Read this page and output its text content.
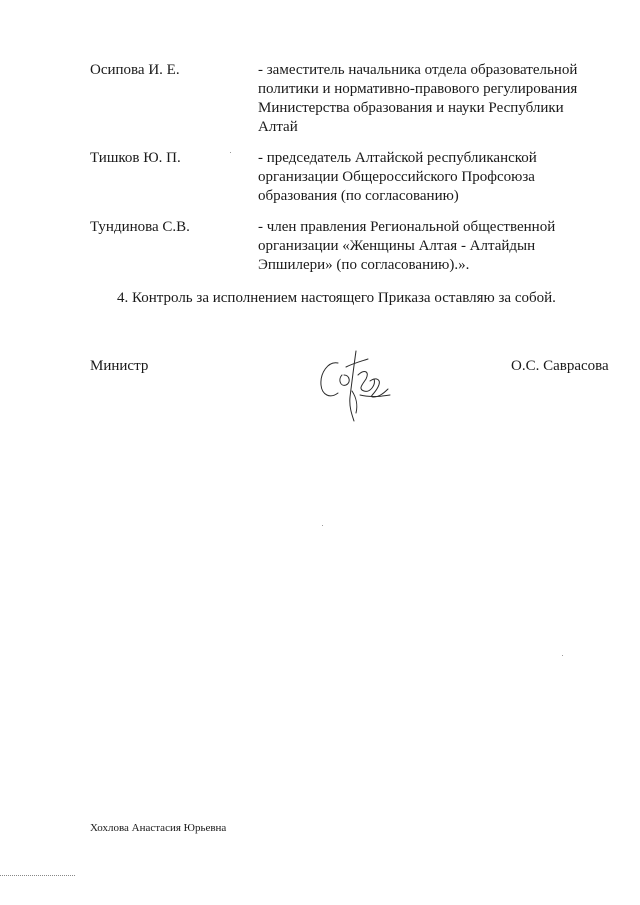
Осипова И. Е.	- заместитель начальника отдела образовательной
политики и нормативно-правового регулирования
Министерства образования и науки Республики
Алтай
Тишков Ю. П.	- председатель Алтайской республиканской
организации Общероссийского Профсоюза
образования (по согласованию)
Тундинова С.В.	- член правления Региональной общественной
организации «Женщины Алтая - Алтайдын
Эпшилери» (по согласованию).».
4. Контроль за исполнением настоящего Приказа оставляю за собой.
Министр	О.С. Саврасова
Хохлова Анастасия Юрьевна
